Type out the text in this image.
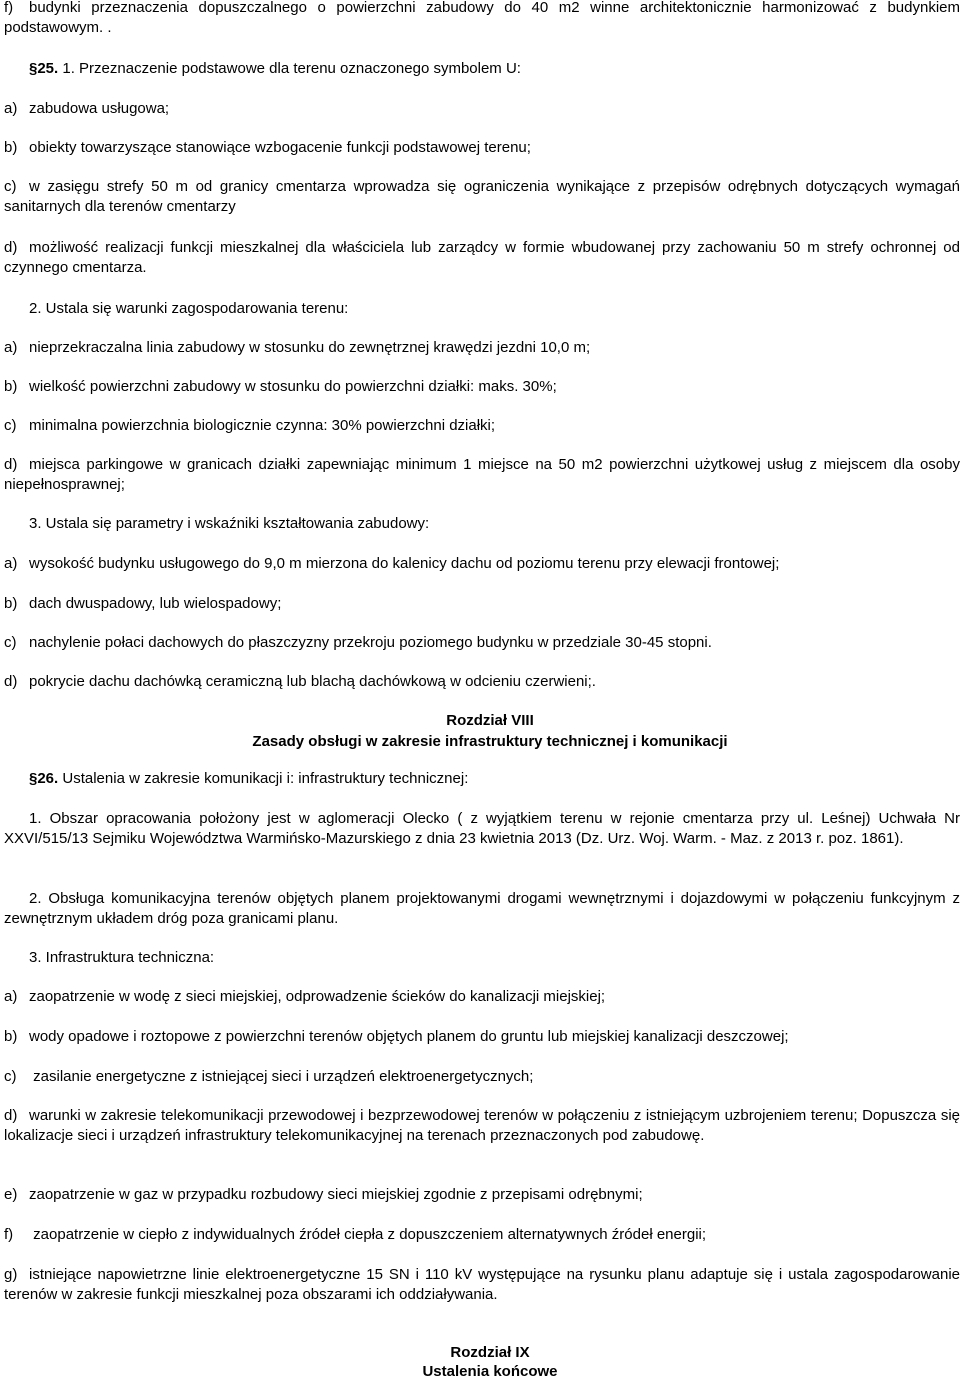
f) budynki przeznaczenia dopuszczalnego o powierzchni zabudowy do 40 m2 winne architektonicznie harmonizować z budynkiem podstawowym. .

§25. 1. Przeznaczenie podstawowe dla terenu oznaczonego symbolem U:

a) zabudowa usługowa;

b) obiekty towarzyszące stanowiące wzbogacenie funkcji podstawowej terenu;

c) w zasięgu strefy 50 m od granicy cmentarza wprowadza się ograniczenia wynikające z przepisów odrębnych dotyczących wymagań sanitarnych dla terenów cmentarzy

d) możliwość realizacji funkcji mieszkalnej dla właściciela lub zarządcy w formie wbudowanej przy zachowaniu 50 m strefy ochronnej od czynnego cmentarza.

2. Ustala się warunki zagospodarowania terenu:

a) nieprzekraczalna linia zabudowy w stosunku do zewnętrznej krawędzi jezdni 10,0 m;

b) wielkość powierzchni zabudowy w stosunku do powierzchni działki: maks. 30%;

c) minimalna powierzchnia biologicznie czynna: 30% powierzchni działki;

d) miejsca parkingowe w granicach działki zapewniając minimum 1 miejsce na 50 m2 powierzchni użytkowej usług z miejscem dla osoby niepełnosprawnej;

3. Ustala się parametry i wskaźniki kształtowania zabudowy:

a) wysokość budynku usługowego do 9,0 m mierzona do kalenicy dachu od poziomu terenu przy elewacji frontowej;

b) dach dwuspadowy, lub wielospadowy;

c) nachylenie połaci dachowych do płaszczyzny przekroju poziomego budynku w przedziale 30-45 stopni.

d) pokrycie dachu dachówką ceramiczną lub blachą dachówkową w odcieniu czerwieni;.

Rozdział VIII

Zasady obsługi w zakresie infrastruktury technicznej i komunikacji

§26. Ustalenia w zakresie komunikacji i: infrastruktury technicznej:

1. Obszar opracowania położony jest w aglomeracji Olecko ( z wyjątkiem terenu w rejonie cmentarza przy ul. Leśnej) Uchwała Nr XXVI/515/13 Sejmiku Województwa Warmińsko-Mazurskiego z dnia 23 kwietnia 2013 (Dz. Urz. Woj. Warm. - Maz. z 2013 r. poz. 1861).

2. Obsługa komunikacyjna terenów objętych planem projektowanymi drogami wewnętrznymi i dojazdowymi w połączeniu funkcyjnym z zewnętrznym układem dróg poza granicami planu.

3. Infrastruktura techniczna:

a) zaopatrzenie w wodę z sieci miejskiej, odprowadzenie ścieków do kanalizacji miejskiej;

b) wody opadowe i roztopowe z powierzchni terenów objętych planem do gruntu lub miejskiej kanalizacji deszczowej;

c) zasilanie energetyczne z istniejącej sieci i urządzeń elektroenergetycznych;

d) warunki w zakresie telekomunikacji przewodowej i bezprzewodowej terenów w połączeniu z istniejącym uzbrojeniem terenu; Dopuszcza się lokalizacje sieci i urządzeń infrastruktury telekomunikacyjnej na terenach przeznaczonych pod zabudowę.

e) zaopatrzenie w gaz w przypadku rozbudowy sieci miejskiej zgodnie z przepisami odrębnymi;

f) zaopatrzenie w ciepło z indywidualnych źródeł ciepła z dopuszczeniem alternatywnych źródeł energii;

g) istniejące napowietrzne linie elektroenergetyczne 15 SN i 110 kV występujące na rysunku planu adaptuje się i ustala zagospodarowanie terenów w zakresie funkcji mieszkalnej poza obszarami ich oddziaływania.

Rozdział IX

Ustalenia końcowe
